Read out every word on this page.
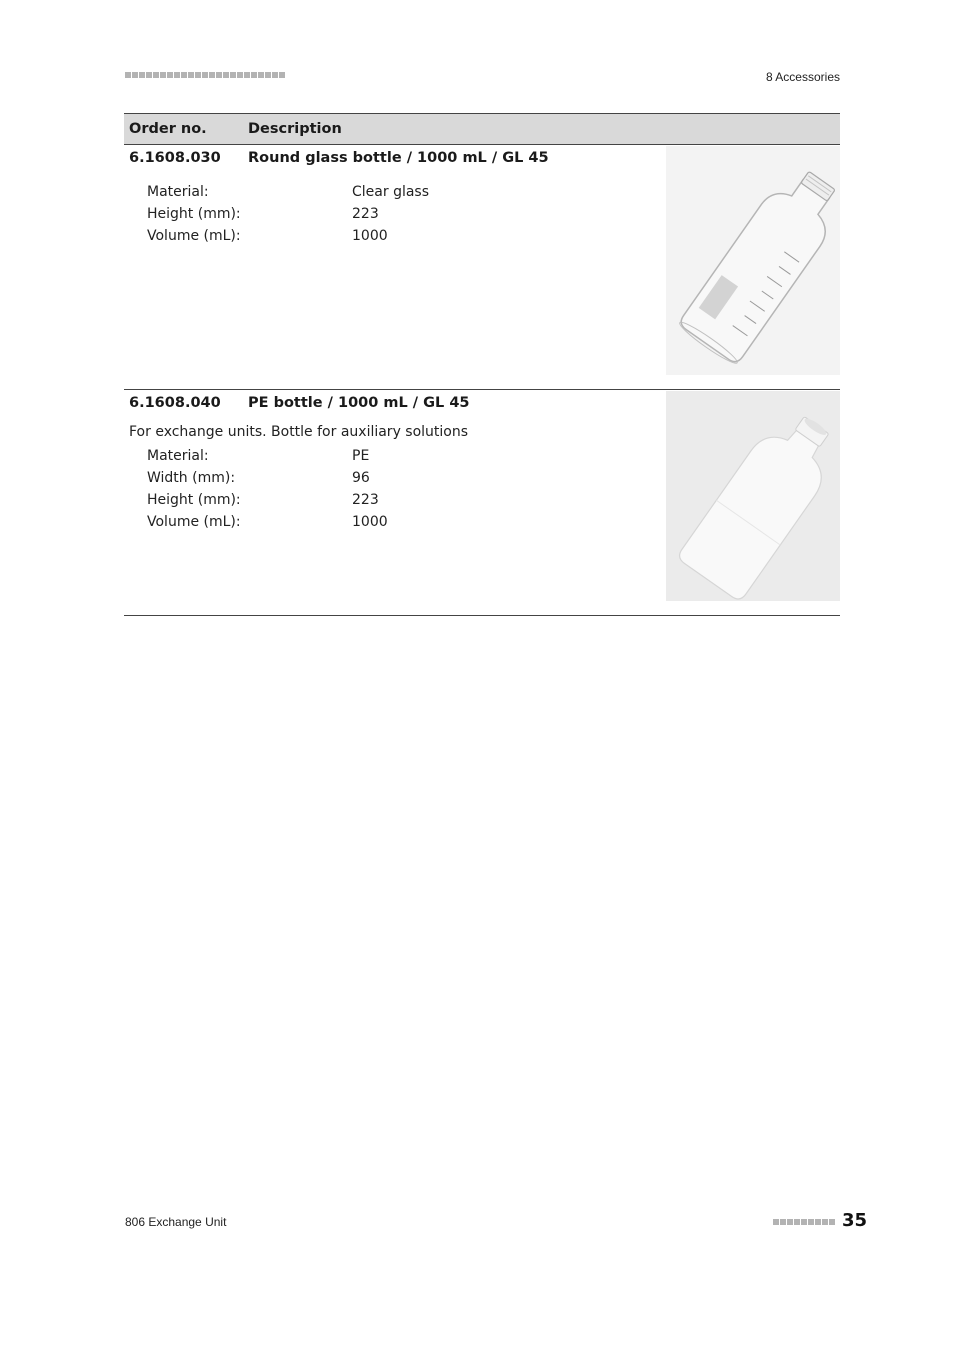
8 Accessories
Order no.	Description
6.1608.030	Round glass bottle / 1000 mL / GL 45
Material:	Clear glass
Height (mm):	223
Volume (mL):	1000
6.1608.040	PE bottle / 1000 mL / GL 45
For exchange units. Bottle for auxiliary solutions
Material:	PE
Width (mm):	96
Height (mm):	223
Volume (mL):	1000
806 Exchange Unit	35
